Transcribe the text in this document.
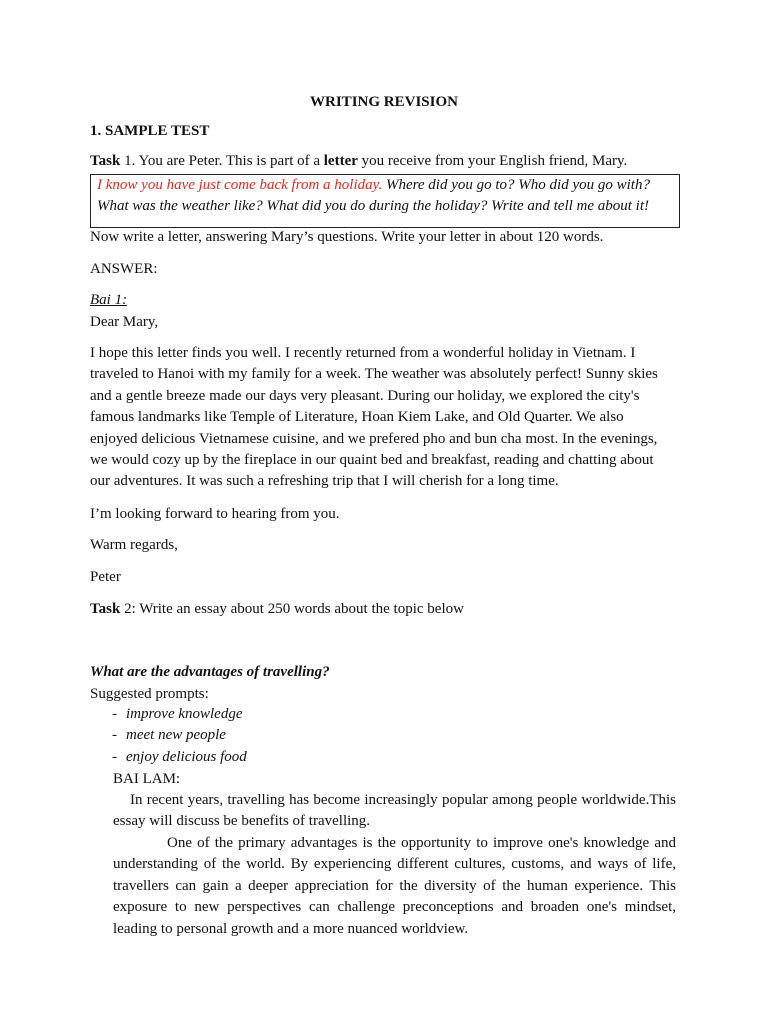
WRITING REVISION
1. SAMPLE TEST
Task 1. You are Peter. This is part of a letter you receive from your English friend, Mary.
I know you have just come back from a holiday. Where did you go to? Who did you go with?
What was the weather like? What did you do during the holiday? Write and tell me about it!
Now write a letter, answering Mary’s questions. Write your letter in about 120 words.
ANSWER:
Bai 1:
Dear Mary,
I hope this letter finds you well. I recently returned from a wonderful holiday in Vietnam. I traveled to Hanoi with my family for a week. The weather was absolutely perfect! Sunny skies and a gentle breeze made our days very pleasant. During our holiday, we explored the city's famous landmarks like Temple of Literature, Hoan Kiem Lake, and Old Quarter. We also enjoyed delicious Vietnamese cuisine, and we prefered pho and bun cha most. In the evenings, we would cozy up by the fireplace in our quaint bed and breakfast, reading and chatting about our adventures. It was such a refreshing trip that I will cherish for a long time.
I’m looking forward to hearing from you.
Warm regards,
Peter
Task 2: Write an essay about 250 words about the topic below
What are the advantages of travelling?
Suggested prompts:
- improve knowledge
- meet new people
- enjoy delicious food
BAI LAM:
In recent years, travelling has become increasingly popular among people worldwide.This essay will discuss be benefits of travelling.
One of the primary advantages is the opportunity to improve one's knowledge and understanding of the world. By experiencing different cultures, customs, and ways of life, travellers can gain a deeper appreciation for the diversity of the human experience. This exposure to new perspectives can challenge preconceptions and broaden one's mindset, leading to personal growth and a more nuanced worldview.
